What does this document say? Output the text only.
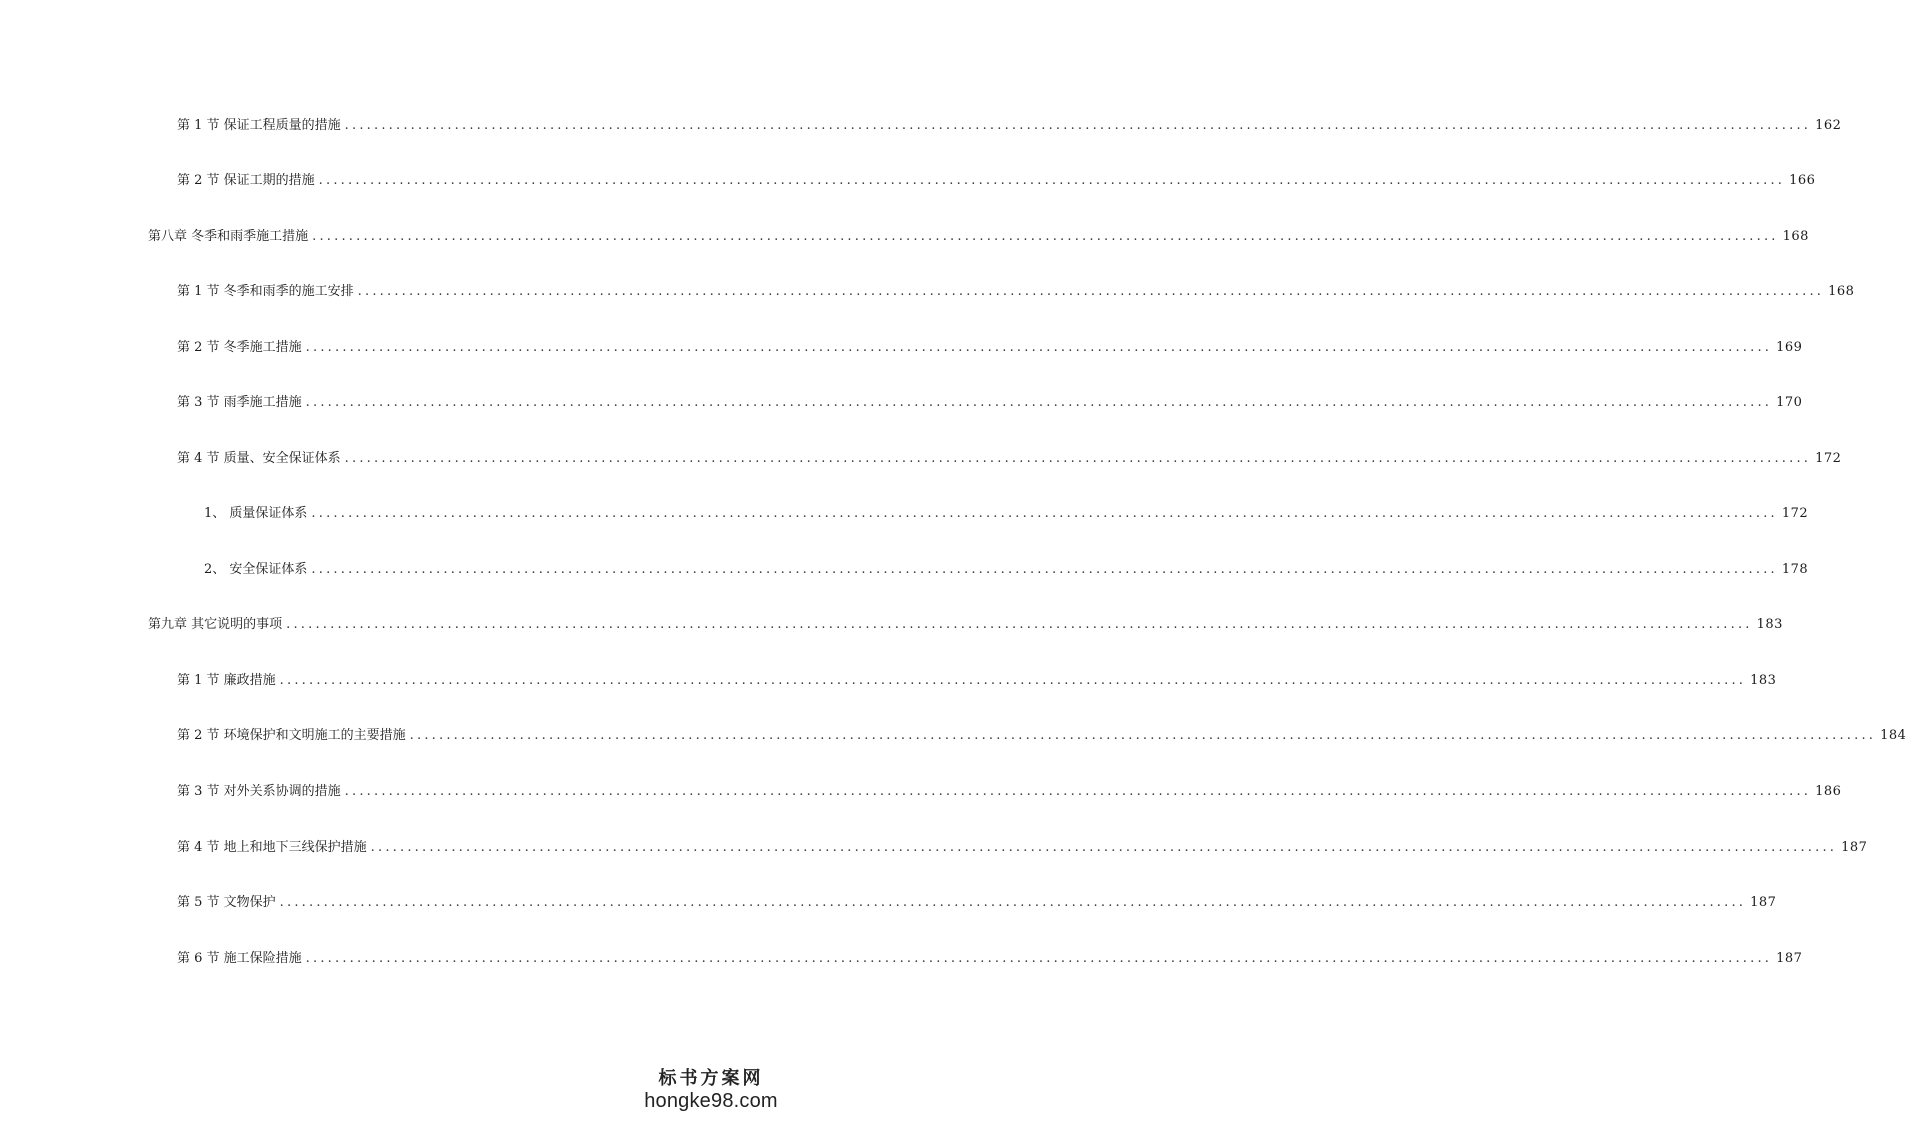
第 1 节 保证工程质量的措施 ........................................................................................................................................................................................................ 162
第 2 节 保证工期的措施 ........................................................................................................................................................................................................ 166
第八章 冬季和雨季施工措施 ........................................................................................................................................................................................................ 168
第 1 节 冬季和雨季的施工安排 ........................................................................................................................................................................................................ 168
第 2 节 冬季施工措施 ........................................................................................................................................................................................................ 169
第 3 节 雨季施工措施 ........................................................................................................................................................................................................ 170
第 4 节 质量、安全保证体系 ........................................................................................................................................................................................................ 172
1、 质量保证体系 ........................................................................................................................................................................................................ 172
2、 安全保证体系 ........................................................................................................................................................................................................ 178
第九章 其它说明的事项 ........................................................................................................................................................................................................ 183
第 1 节 廉政措施 ........................................................................................................................................................................................................ 183
第 2 节 环境保护和文明施工的主要措施 ........................................................................................................................................................................................................ 184
第 3 节 对外关系协调的措施 ........................................................................................................................................................................................................ 186
第 4 节 地上和地下三线保护措施 ........................................................................................................................................................................................................ 187
第 5 节 文物保护 ........................................................................................................................................................................................................ 187
第 6 节 施工保险措施 ........................................................................................................................................................................................................ 187
标书方案网
hongke98.com
